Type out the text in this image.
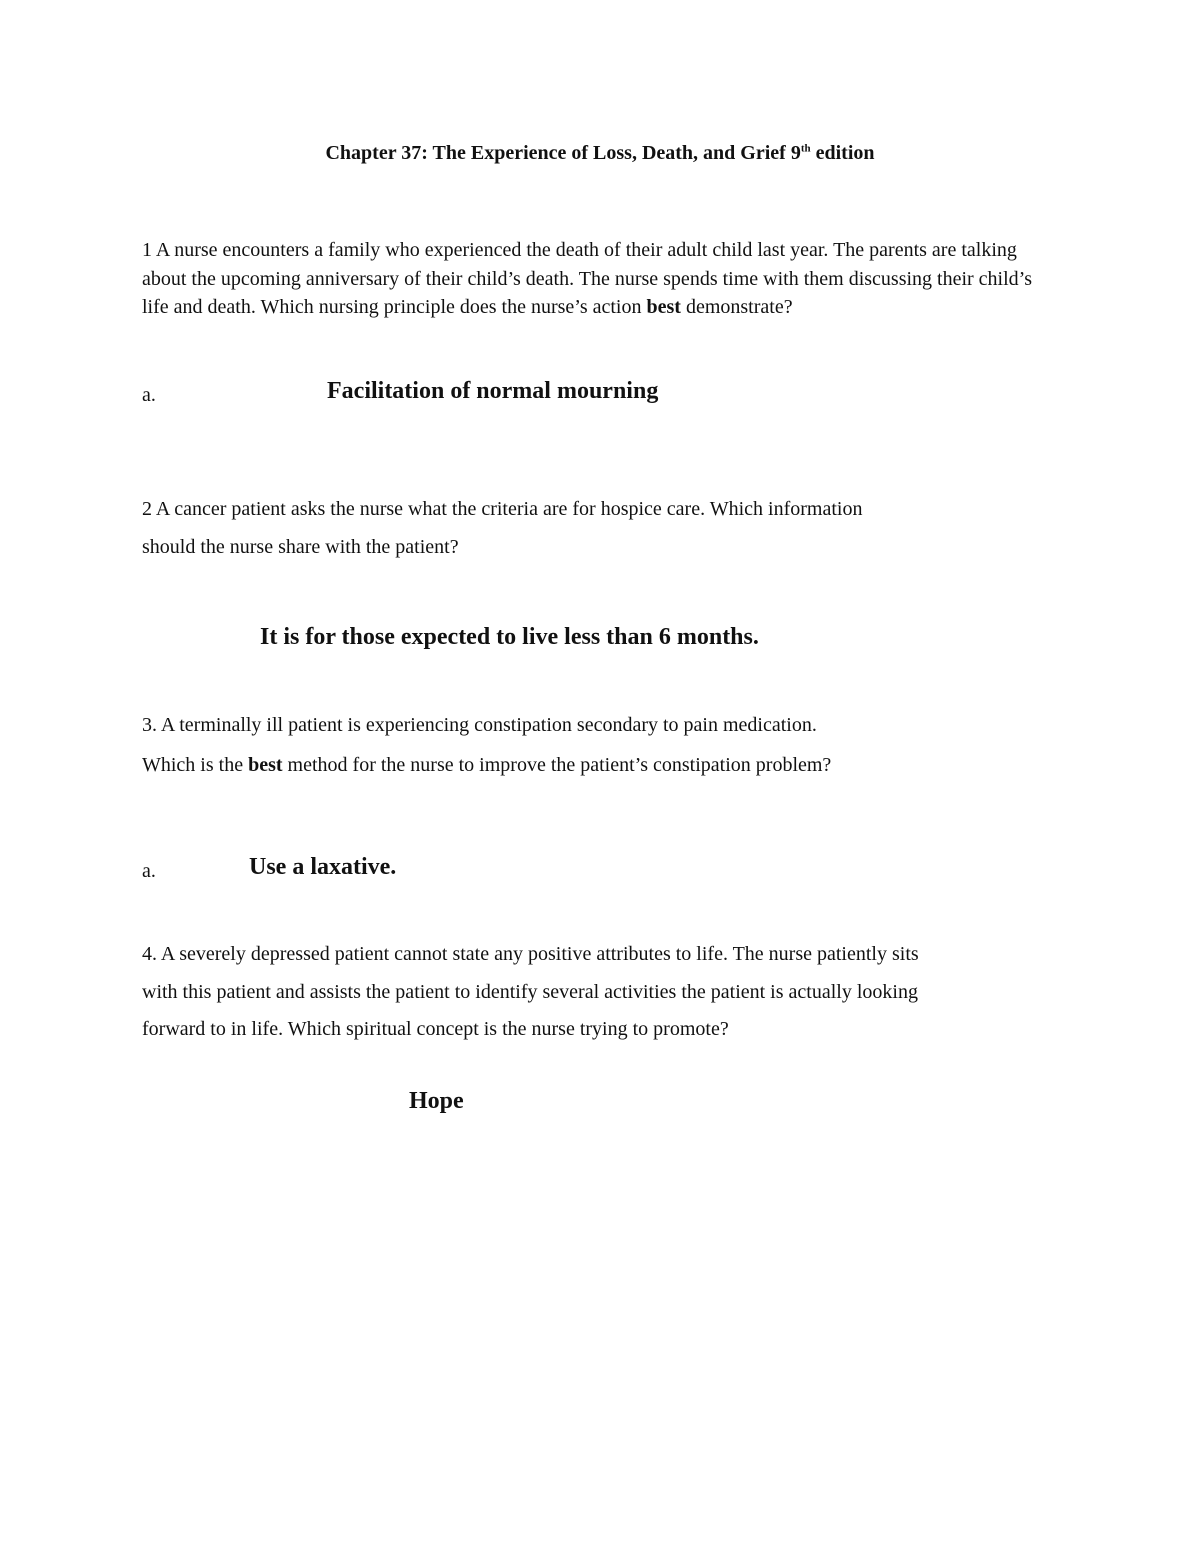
Chapter 37: The Experience of Loss, Death, and Grief 9th edition

1 A nurse encounters a family who experienced the death of their adult child last year. The parents are talking about the upcoming anniversary of their child’s death. The nurse spends time with them discussing their child’s life and death. Which nursing principle does the nurse’s action best demonstrate?

a.	Facilitation of normal mourning

2 A cancer patient asks the nurse what the criteria are for hospice care. Which information should the nurse share with the patient?

It is for those expected to live less than 6 months.

3. A terminally ill patient is experiencing constipation secondary to pain medication. Which is the best method for the nurse to improve the patient’s constipation problem?

a.	Use a laxative.

4. A severely depressed patient cannot state any positive attributes to life. The nurse patiently sits with this patient and assists the patient to identify several activities the patient is actually looking forward to in life. Which spiritual concept is the nurse trying to promote?

Hope
